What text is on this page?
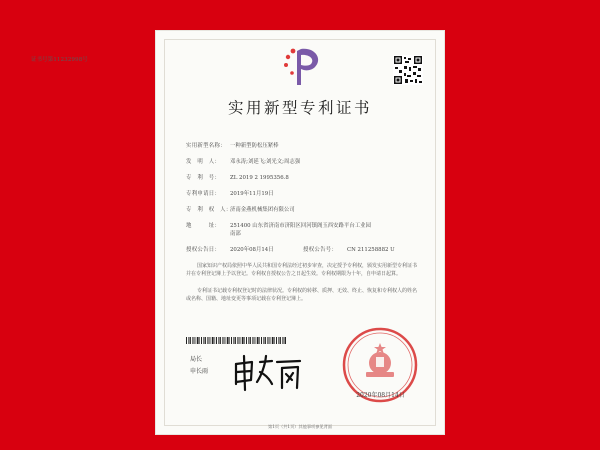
证书号第11232998号
实用新型专利证书
实用新型名称： 一种新型防松压紧棒
发　明　人： 邓永涛;刘延飞;刘光文;周志强
专　利　号： ZL 2019 2 1995356.8
专利申请日： 2019年11月19日
专　利　权　人：济南金燕机械集团有限公司
地　　　址： 251400 山东省济南市济阳区回河镇阁玉西安路平台工业园
南部
授权公告日： 2020年08月14日	授权公告号： CN 211258882 U
国家知识产权局依照中华人民共和国专利法经过初步审查，决定授予专利权，颁发实用新型专利证书并在专利登记簿上予以登记。专利权自授权公告之日起生效。专利权期限为十年，自申请日起算。
专利证书记载专利权登记时的法律状况。专利权的转移、质押、无效、终止、恢复和专利权人的姓名或名称、国籍、地址变更等事项记载在专利登记簿上。
局长
申长雨
2020年08月14日
第1页（共1页）其他事项参见背面
